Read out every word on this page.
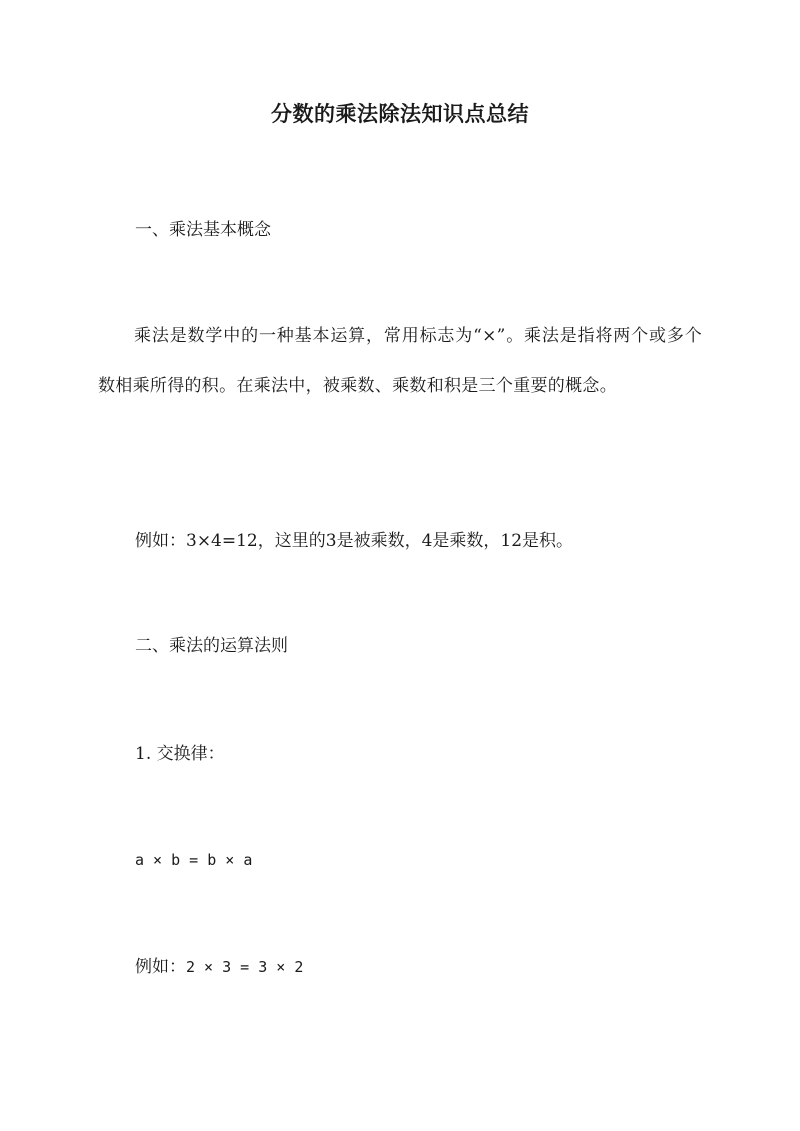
分数的乘法除法知识点总结
一、乘法基本概念
乘法是数学中的一种基本运算，常用标志为“×”。乘法是指将两个或多个数相乘所得的积。在乘法中，被乘数、乘数和积是三个重要的概念。
例如：3×4=12，这里的3是被乘数，4是乘数，12是积。
二、乘法的运算法则
1. 交换律：
a × b = b × a
例如：2 × 3 = 3 × 2
